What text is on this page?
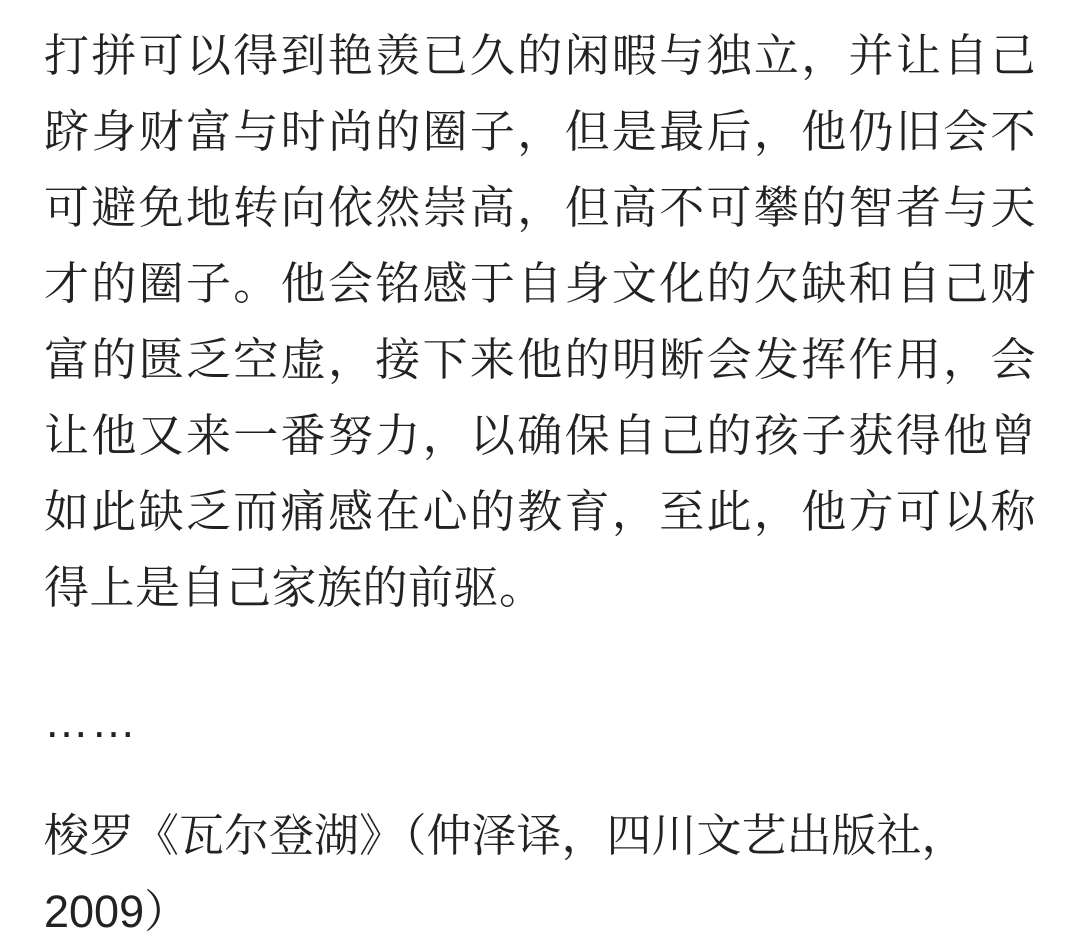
打拼可以得到艳羡已久的闲暇与独立，并让自己跻身财富与时尚的圈子，但是最后，他仍旧会不可避免地转向依然崇高，但高不可攀的智者与天才的圈子。他会铭感于自身文化的欠缺和自己财富的匮乏空虚，接下来他的明断会发挥作用，会让他又来一番努力，以确保自己的孩子获得他曾如此缺乏而痛感在心的教育，至此，他方可以称得上是自己家族的前驱。

……

梭罗《瓦尔登湖》（仲泽译，四川文艺出版社，2009）
